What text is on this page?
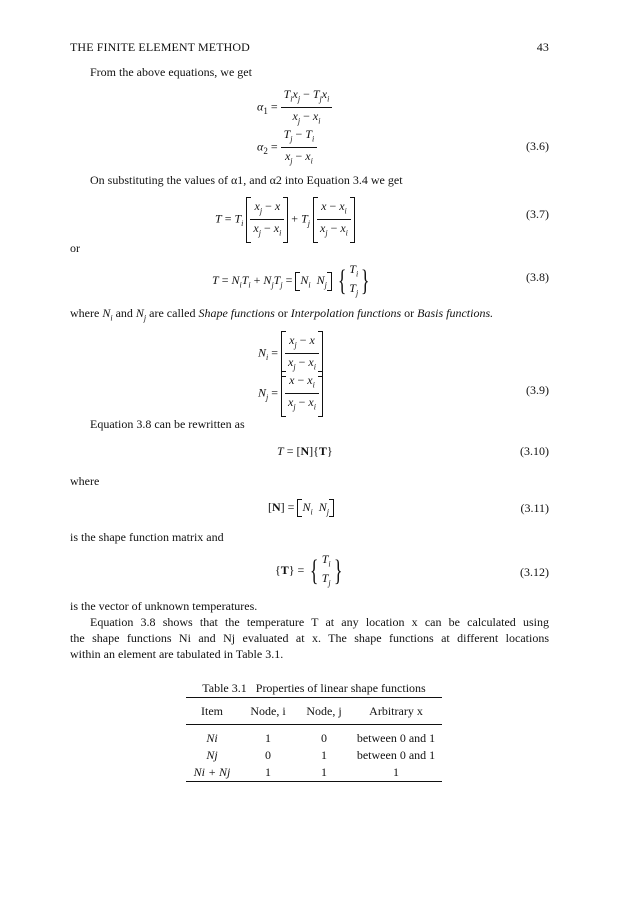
THE FINITE ELEMENT METHOD	43
From the above equations, we get
$\alpha_1 = \frac{T_ix_j - T_jx_i}{x_j - x_i}$
$\alpha_2 = \frac{T_j - T_i}{x_j - x_i}$	(3.6)
On substituting the values of α1, and α2 into Equation 3.4 we get
$T = T_i \frac{x_j - x}{x_j - x_i} + T_j \frac{x - x_i}{x_j - x_i}$	(3.7)
or
$T = N_iT_i + N_jT_j = N_i$ $N_j$ { $T_i$
$T_j$}	(3.8)
where $N_i$ and $N_j$ are called Shape functions or Interpolation functions or Basis functions.
$N_i = \frac{x_j - x}{x_j - x_i}$
$N_j = \frac{x - x_i}{x_j - x_i}$	(3.9)
Equation 3.8 can be rewritten as
T = [N]{T}	(3.10)
where
$[N] = N_i$ $N_j$	(3.11)
is the shape function matrix and
{T} = { $T_i$
$T_j$}	(3.12)
is the vector of unknown temperatures.
Equation 3.8 shows that the temperature T at any location x can be calculated using
the shape functions Ni and Nj evaluated at x. The shape functions at different locations
within an element are tabulated in Table 3.1.
Table 3.1 Properties of linear shape functions
Item	Node, i	Node, j	Arbitrary x
Ni	1	0	between 0 and 1
Nj	0	1	between 0 and 1
Ni + Nj	1	1	1
